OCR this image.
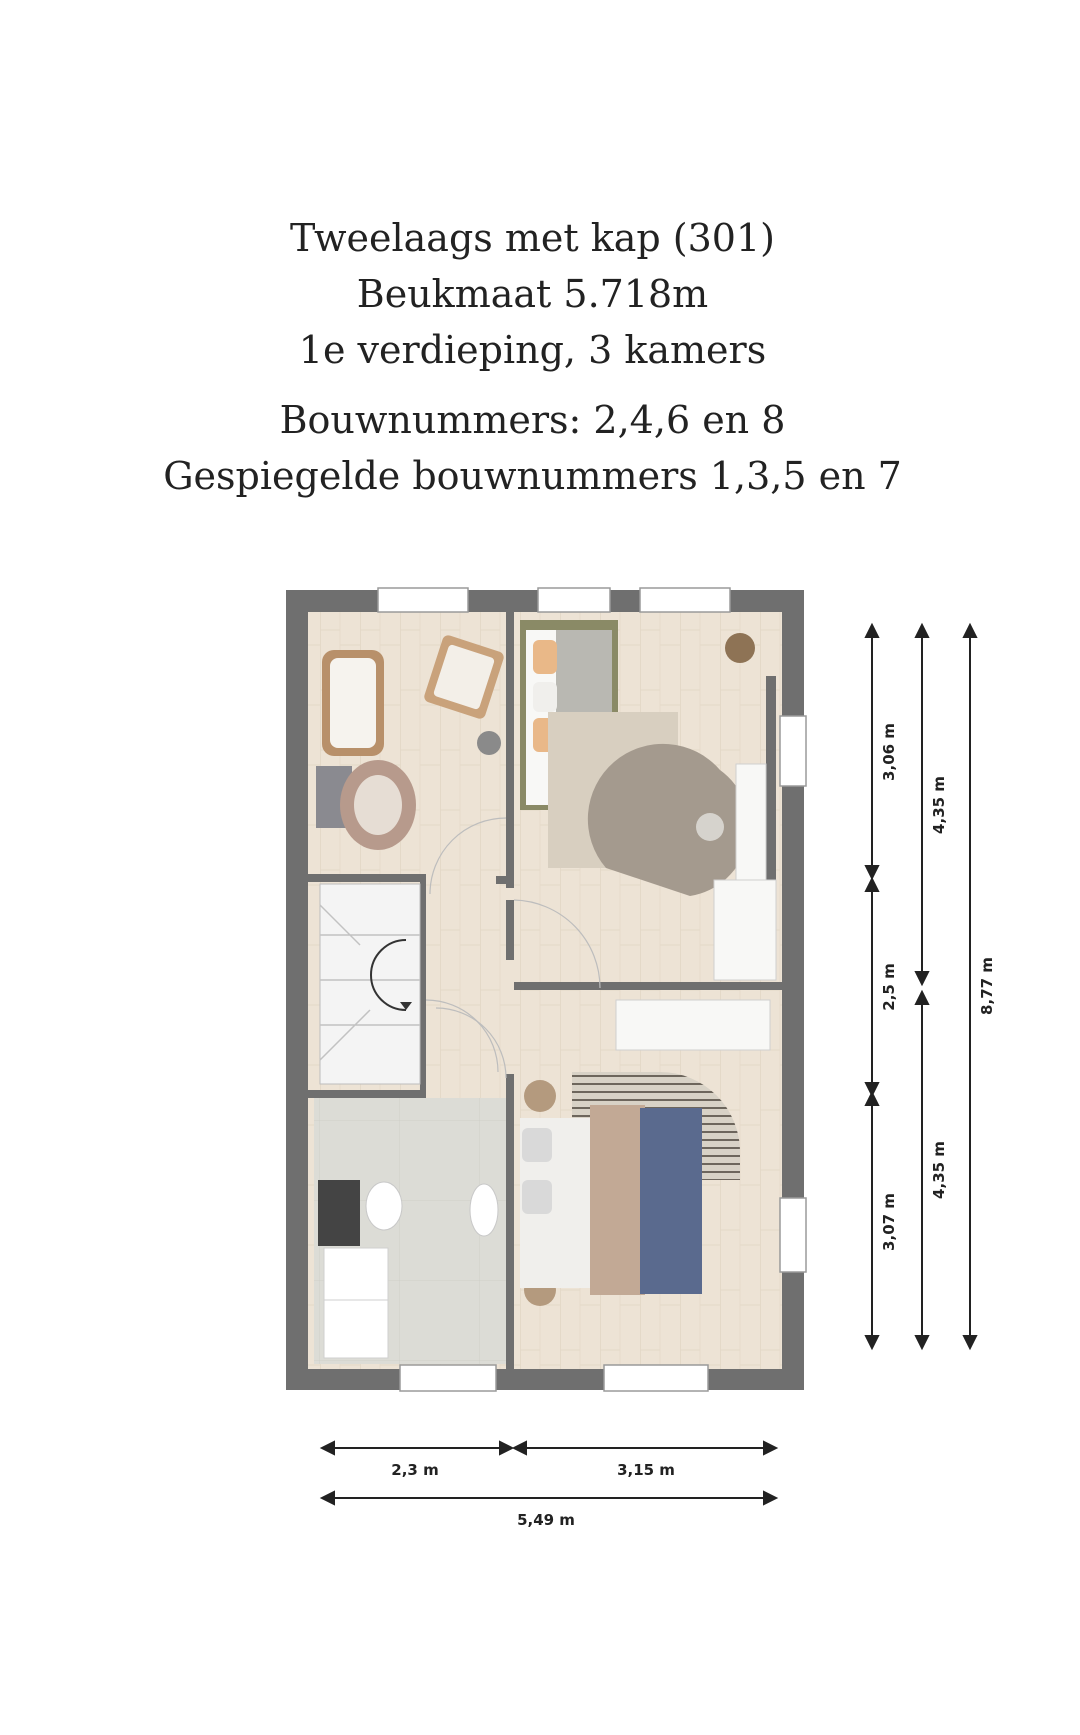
Tweelaags met kap (301)
Beukmaat 5.718m
1e verdieping, 3 kamers
Bouwnummers: 2,4,6 en 8
Gespiegelde bouwnummers 1,3,5 en 7
3,06 m
2,5 m
3,07 m
4,35 m
4,35 m
8,77 m
2,3 m	3,15 m
5,49 m
